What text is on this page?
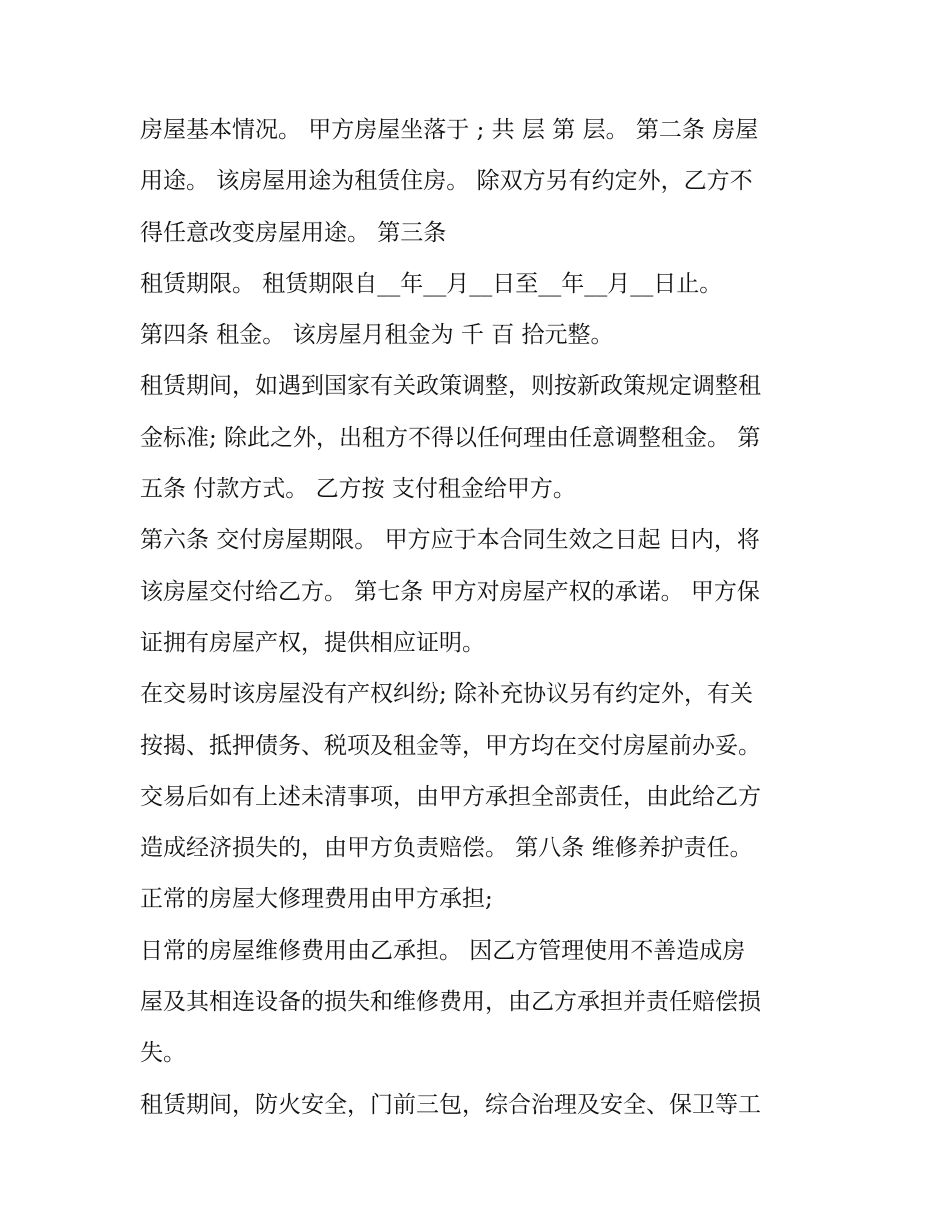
房屋基本情况。 甲方房屋坐落于 ; 共 层 第 层。 第二条 房屋
用途。 该房屋用途为租赁住房。 除双方另有约定外，乙方不
得任意改变房屋用途。 第三条
租赁期限。 租赁期限自__年__月__日至__年__月__日止。
第四条 租金。 该房屋月租金为 千 百 拾元整。
租赁期间，如遇到国家有关政策调整，则按新政策规定调整租
金标准; 除此之外，出租方不得以任何理由任意调整租金。 第
五条 付款方式。 乙方按 支付租金给甲方。
第六条 交付房屋期限。 甲方应于本合同生效之日起 日内，将
该房屋交付给乙方。 第七条 甲方对房屋产权的承诺。 甲方保
证拥有房屋产权，提供相应证明。
在交易时该房屋没有产权纠纷; 除补充协议另有约定外，有关
按揭、抵押债务、税项及租金等，甲方均在交付房屋前办妥。
交易后如有上述未清事项，由甲方承担全部责任，由此给乙方
造成经济损失的，由甲方负责赔偿。 第八条 维修养护责任。
正常的房屋大修理费用由甲方承担;
日常的房屋维修费用由乙承担。 因乙方管理使用不善造成房
屋及其相连设备的损失和维修费用，由乙方承担并责任赔偿损
失。
租赁期间，防火安全，门前三包，综合治理及安全、保卫等工
